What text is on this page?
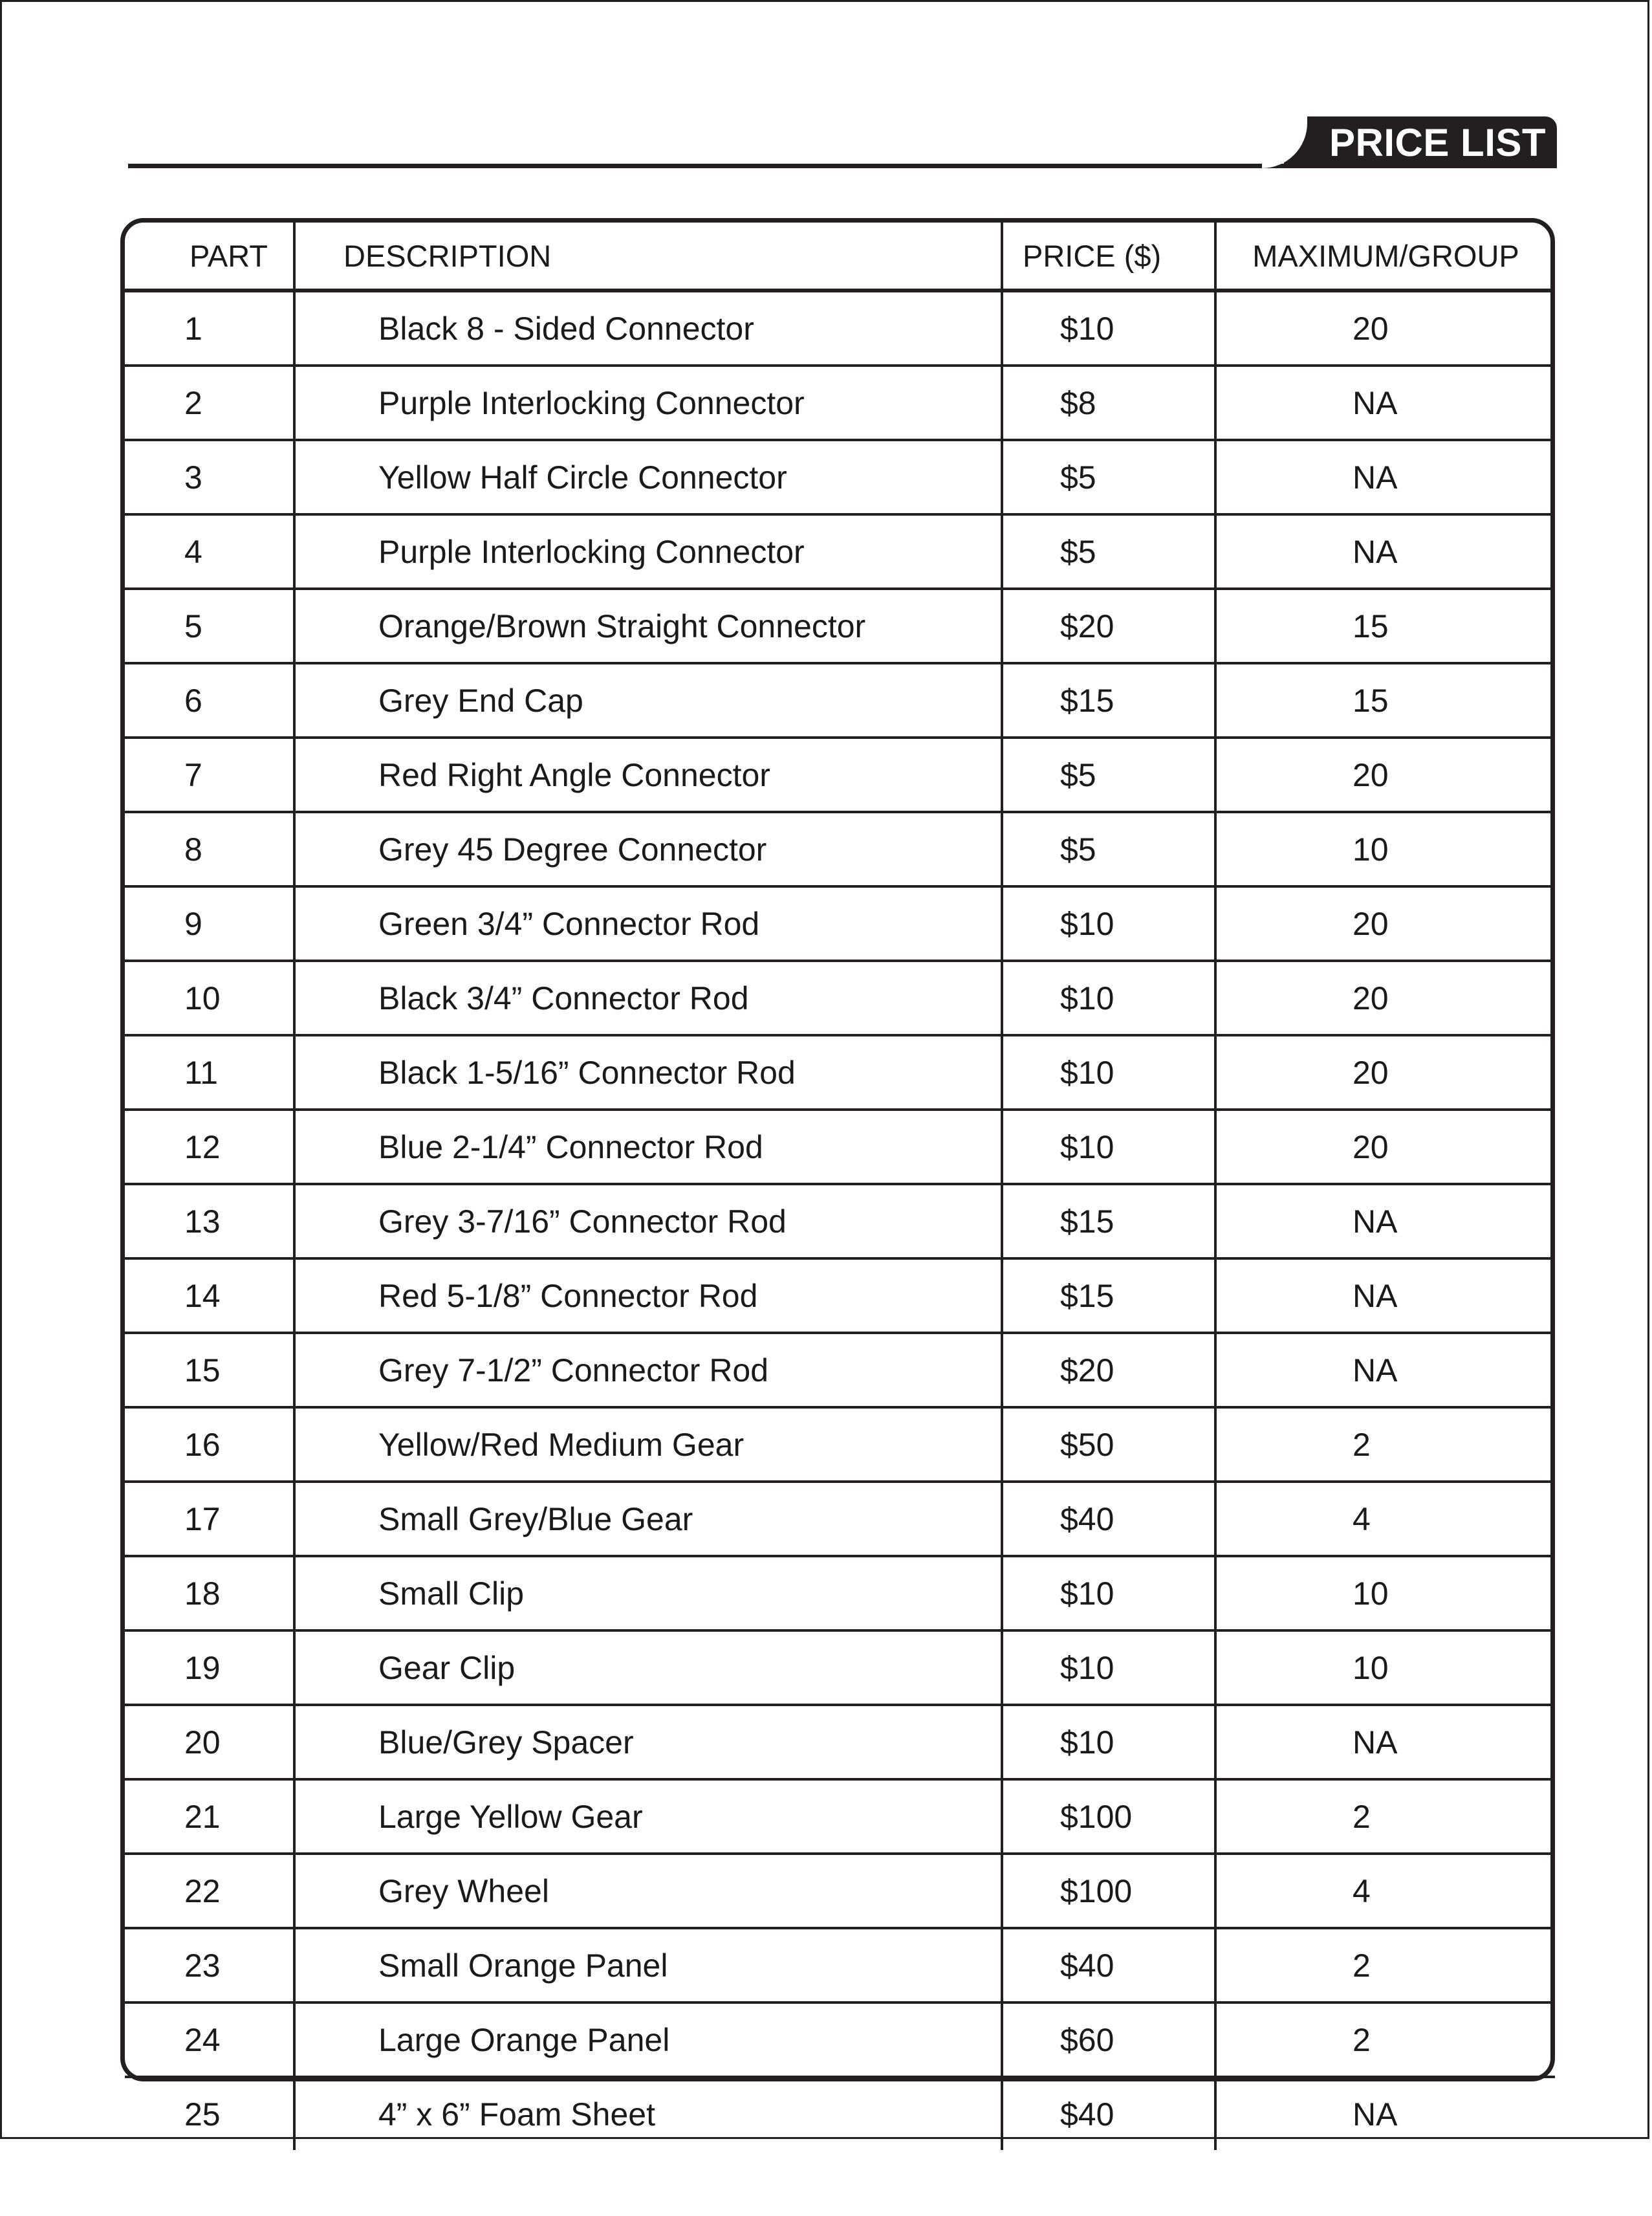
PRICE LIST
PART	DESCRIPTION	PRICE ($)	MAXIMUM/GROUP
1	Black 8 - Sided Connector	$10	20
2	Purple Interlocking Connector	$8	NA
3	Yellow Half Circle Connector	$5	NA
4	Purple Interlocking Connector	$5	NA
5	Orange/Brown Straight Connector	$20	15
6	Grey End Cap	$15	15
7	Red Right Angle Connector	$5	20
8	Grey 45 Degree Connector	$5	10
9	Green 3/4” Connector Rod	$10	20
10	Black 3/4” Connector Rod	$10	20
11	Black 1-5/16” Connector Rod	$10	20
12	Blue 2-1/4” Connector Rod	$10	20
13	Grey 3-7/16” Connector Rod	$15	NA
14	Red 5-1/8” Connector Rod	$15	NA
15	Grey 7-1/2” Connector Rod	$20	NA
16	Yellow/Red Medium Gear	$50	2
17	Small Grey/Blue Gear	$40	4
18	Small Clip	$10	10
19	Gear Clip	$10	10
20	Blue/Grey Spacer	$10	NA
21	Large Yellow Gear	$100	2
22	Grey Wheel	$100	4
23	Small Orange Panel	$40	2
24	Large Orange Panel	$60	2
25	4” x 6” Foam Sheet	$40	NA
